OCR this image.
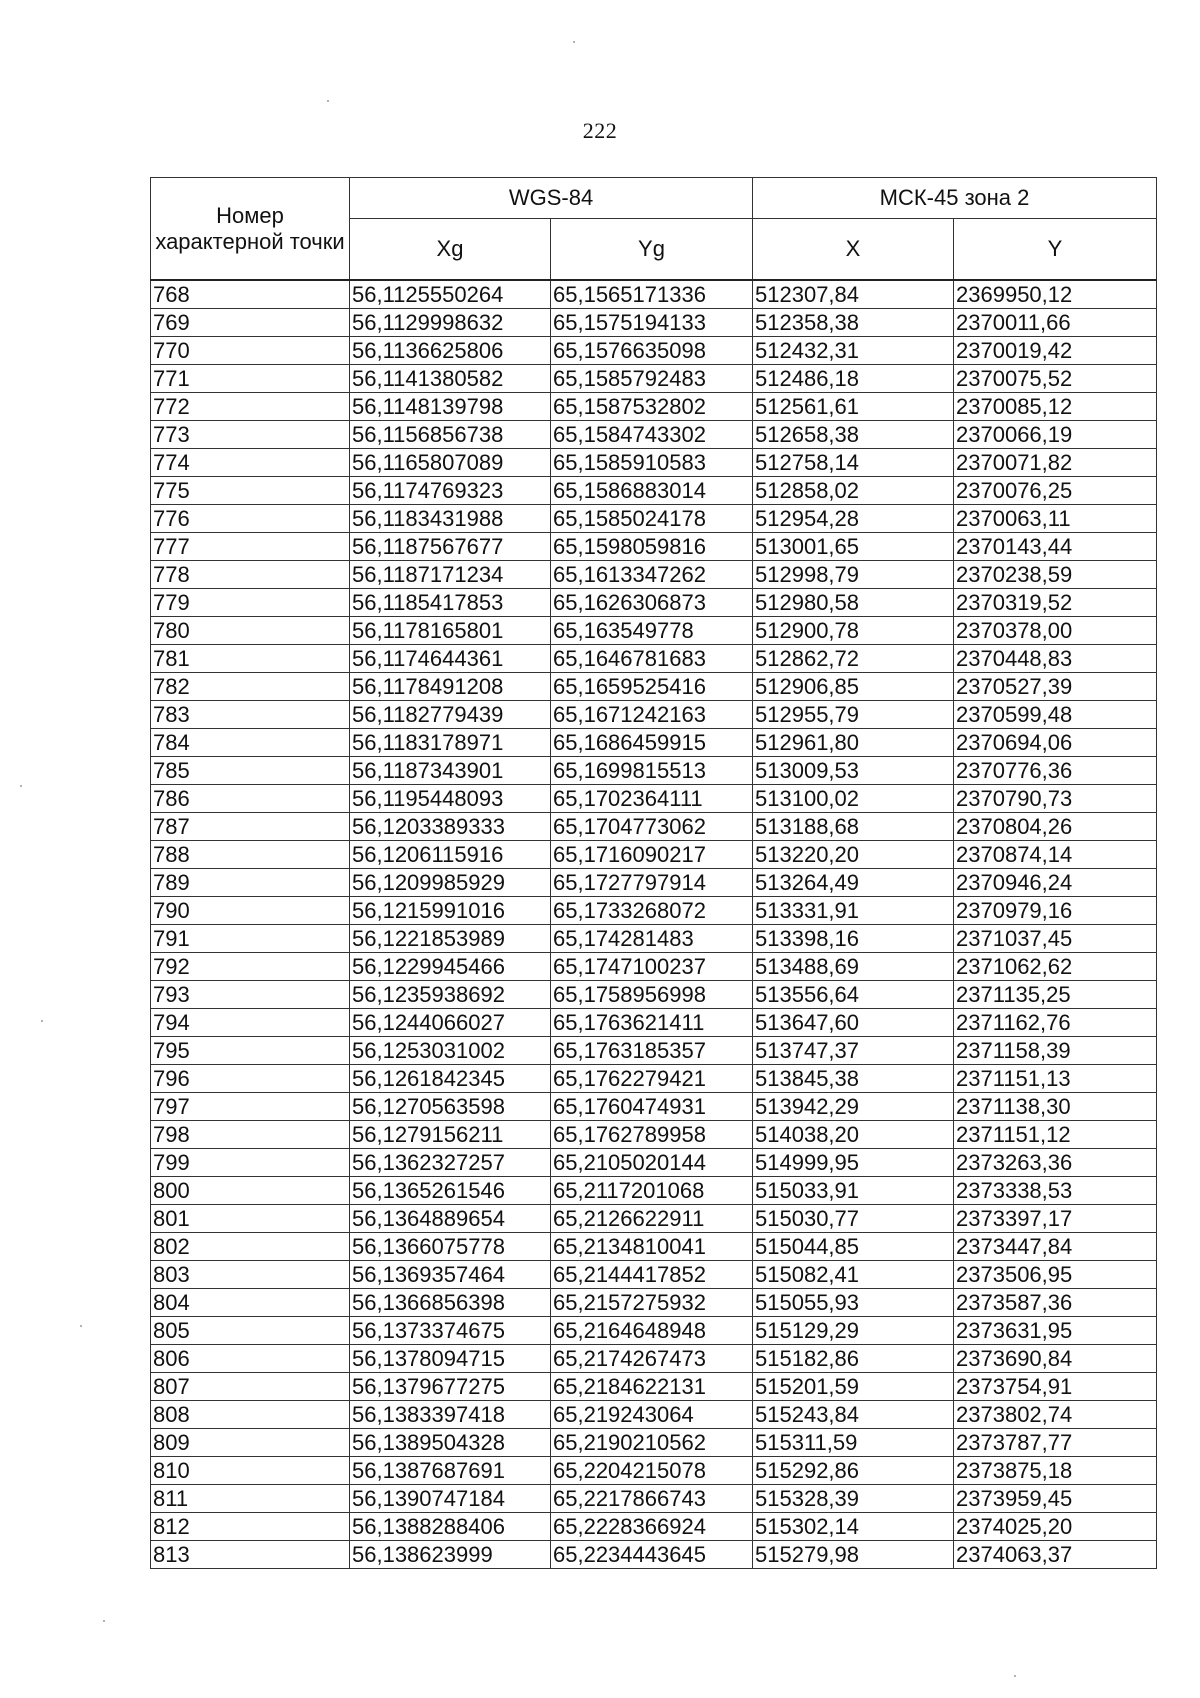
222
Номер характерной точки	WGS-84		МСК-45 зона 2	
	Xg	Yg	X	Y
768	56,1125550264	65,1565171336	512307,84	2369950,12
769	56,1129998632	65,1575194133	512358,38	2370011,66
770	56,1136625806	65,1576635098	512432,31	2370019,42
771	56,1141380582	65,1585792483	512486,18	2370075,52
772	56,1148139798	65,1587532802	512561,61	2370085,12
773	56,1156856738	65,1584743302	512658,38	2370066,19
774	56,1165807089	65,1585910583	512758,14	2370071,82
775	56,1174769323	65,1586883014	512858,02	2370076,25
776	56,1183431988	65,1585024178	512954,28	2370063,11
777	56,1187567677	65,1598059816	513001,65	2370143,44
778	56,1187171234	65,1613347262	512998,79	2370238,59
779	56,1185417853	65,1626306873	512980,58	2370319,52
780	56,1178165801	65,163549778	512900,78	2370378,00
781	56,1174644361	65,1646781683	512862,72	2370448,83
782	56,1178491208	65,1659525416	512906,85	2370527,39
783	56,1182779439	65,1671242163	512955,79	2370599,48
784	56,1183178971	65,1686459915	512961,80	2370694,06
785	56,1187343901	65,1699815513	513009,53	2370776,36
786	56,1195448093	65,1702364111	513100,02	2370790,73
787	56,1203389333	65,1704773062	513188,68	2370804,26
788	56,1206115916	65,1716090217	513220,20	2370874,14
789	56,1209985929	65,1727797914	513264,49	2370946,24
790	56,1215991016	65,1733268072	513331,91	2370979,16
791	56,1221853989	65,174281483	513398,16	2371037,45
792	56,1229945466	65,1747100237	513488,69	2371062,62
793	56,1235938692	65,1758956998	513556,64	2371135,25
794	56,1244066027	65,1763621411	513647,60	2371162,76
795	56,1253031002	65,1763185357	513747,37	2371158,39
796	56,1261842345	65,1762279421	513845,38	2371151,13
797	56,1270563598	65,1760474931	513942,29	2371138,30
798	56,1279156211	65,1762789958	514038,20	2371151,12
799	56,1362327257	65,2105020144	514999,95	2373263,36
800	56,1365261546	65,2117201068	515033,91	2373338,53
801	56,1364889654	65,2126622911	515030,77	2373397,17
802	56,1366075778	65,2134810041	515044,85	2373447,84
803	56,1369357464	65,2144417852	515082,41	2373506,95
804	56,1366856398	65,2157275932	515055,93	2373587,36
805	56,1373374675	65,2164648948	515129,29	2373631,95
806	56,1378094715	65,2174267473	515182,86	2373690,84
807	56,1379677275	65,2184622131	515201,59	2373754,91
808	56,1383397418	65,219243064	515243,84	2373802,74
809	56,1389504328	65,2190210562	515311,59	2373787,77
810	56,1387687691	65,2204215078	515292,86	2373875,18
811	56,1390747184	65,2217866743	515328,39	2373959,45
812	56,1388288406	65,2228366924	515302,14	2374025,20
813	56,138623999	65,2234443645	515279,98	2374063,37
